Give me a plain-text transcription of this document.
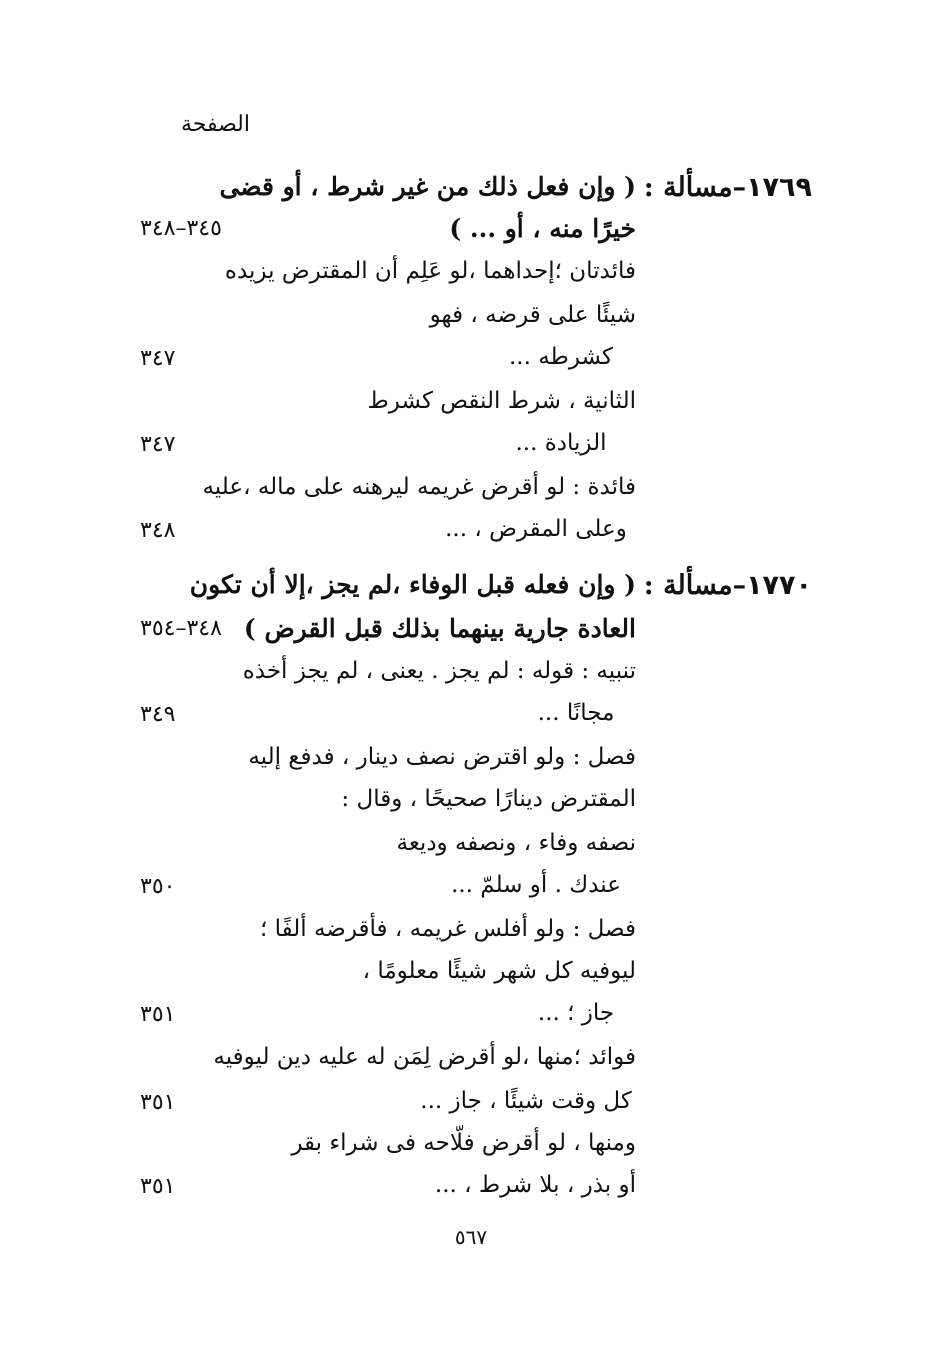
الصفحة
١٧٦٩–مسألة :
( وإن فعل ذلك من غير شرط ، أو قضى
خيرًا منه ، أو ... )
٣٤٥–٣٤٨
فائدتان ؛إحداهما ،لو عَلِم أن المقترض يزيده
شيئًا على قرضه ، فهو
كشرطه ...
٣٤٧
الثانية ، شرط النقص كشرط
الزيادة ...
٣٤٧
فائدة : لو أقرض غريمه ليرهنه على ماله ،عليه
وعلى المقرض ، ...
٣٤٨
١٧٧٠–مسألة :
( وإن فعله قبل الوفاء ،لم يجز ،إلا أن تكون
العادة جارية بينهما بذلك قبل القرض )
٣٤٨–٣٥٤
تنبيه : قوله : لم يجز . يعنى ، لم يجز أخذه
مجانًا ...
٣٤٩
فصل : ولو اقترض نصف دينار ، فدفع إليه
المقترض دينارًا صحيحًا ، وقال :
نصفه وفاء ، ونصفه وديعة
عندك . أو سلمّ ...
٣٥٠
فصل : ولو أفلس غريمه ، فأقرضه ألفًا ؛
ليوفيه كل شهر شيئًا معلومًا ،
جاز ؛ ...
٣٥١
فوائد ؛منها ،لو أقرض لِمَن له عليه دين ليوفيه
كل وقت شيئًا ، جاز ...
٣٥١
ومنها ، لو أقرض فلّاحه فى شراء بقر
أو بذر ، بلا شرط ، ...
٣٥١
٥٦٧
